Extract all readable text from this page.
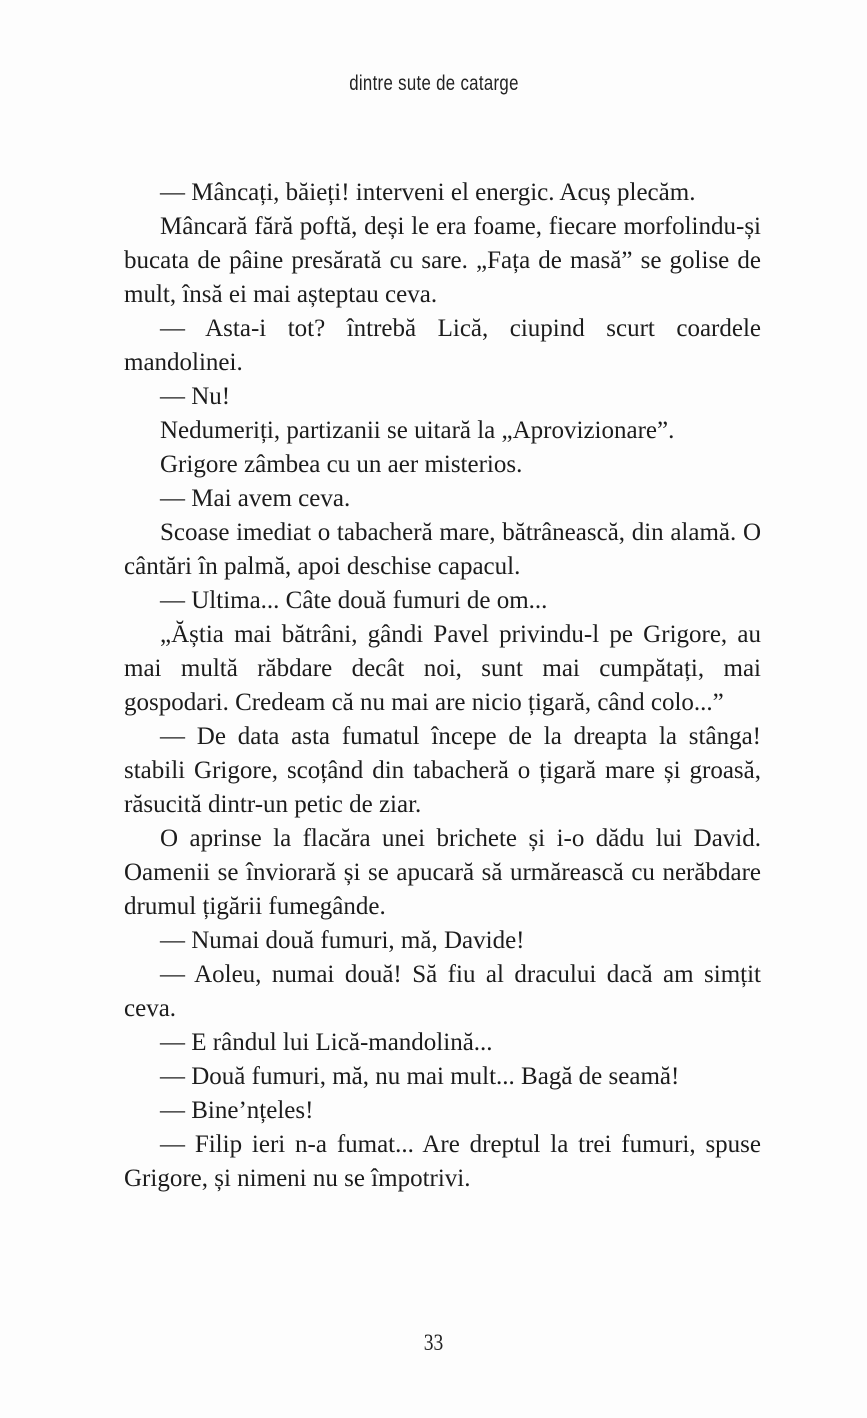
dintre sute de catarge

— Mâncați, băieți! interveni el energic. Acuș plecăm.

Mâncară fără poftă, deși le era foame, fiecare morfolindu-și bucata de pâine presărată cu sare. „Fața de masă” se golise de mult, însă ei mai așteptau ceva.

— Asta-i tot? întrebă Lică, ciupind scurt coardele mandolinei.

— Nu!

Nedumeriți, partizanii se uitară la „Aprovizionare”.

Grigore zâmbea cu un aer misterios.

— Mai avem ceva.

Scoase imediat o tabacheră mare, bătrânească, din alamă. O cântări în palmă, apoi deschise capacul.

— Ultima... Câte două fumuri de om...

„Ăștia mai bătrâni, gândi Pavel privindu-l pe Grigore, au mai multă răbdare decât noi, sunt mai cumpătați, mai gospodari. Credeam că nu mai are nicio țigară, când colo...”

— De data asta fumatul începe de la dreapta la stânga! stabili Grigore, scoțând din tabacheră o țigară mare și groasă, răsucită dintr-un petic de ziar.

O aprinse la flacăra unei brichete și i-o dădu lui David. Oamenii se înviorară și se apucară să urmărească cu nerăbdare drumul țigării fumegânde.

— Numai două fumuri, mă, Davide!

— Aoleu, numai două! Să fiu al dracului dacă am simțit ceva.

— E rândul lui Lică-mandolină...

— Două fumuri, mă, nu mai mult... Bagă de seamă!

— Bine’nțeles!

— Filip ieri n-a fumat... Are dreptul la trei fumuri, spuse Grigore, și nimeni nu se împotrivi.

33
